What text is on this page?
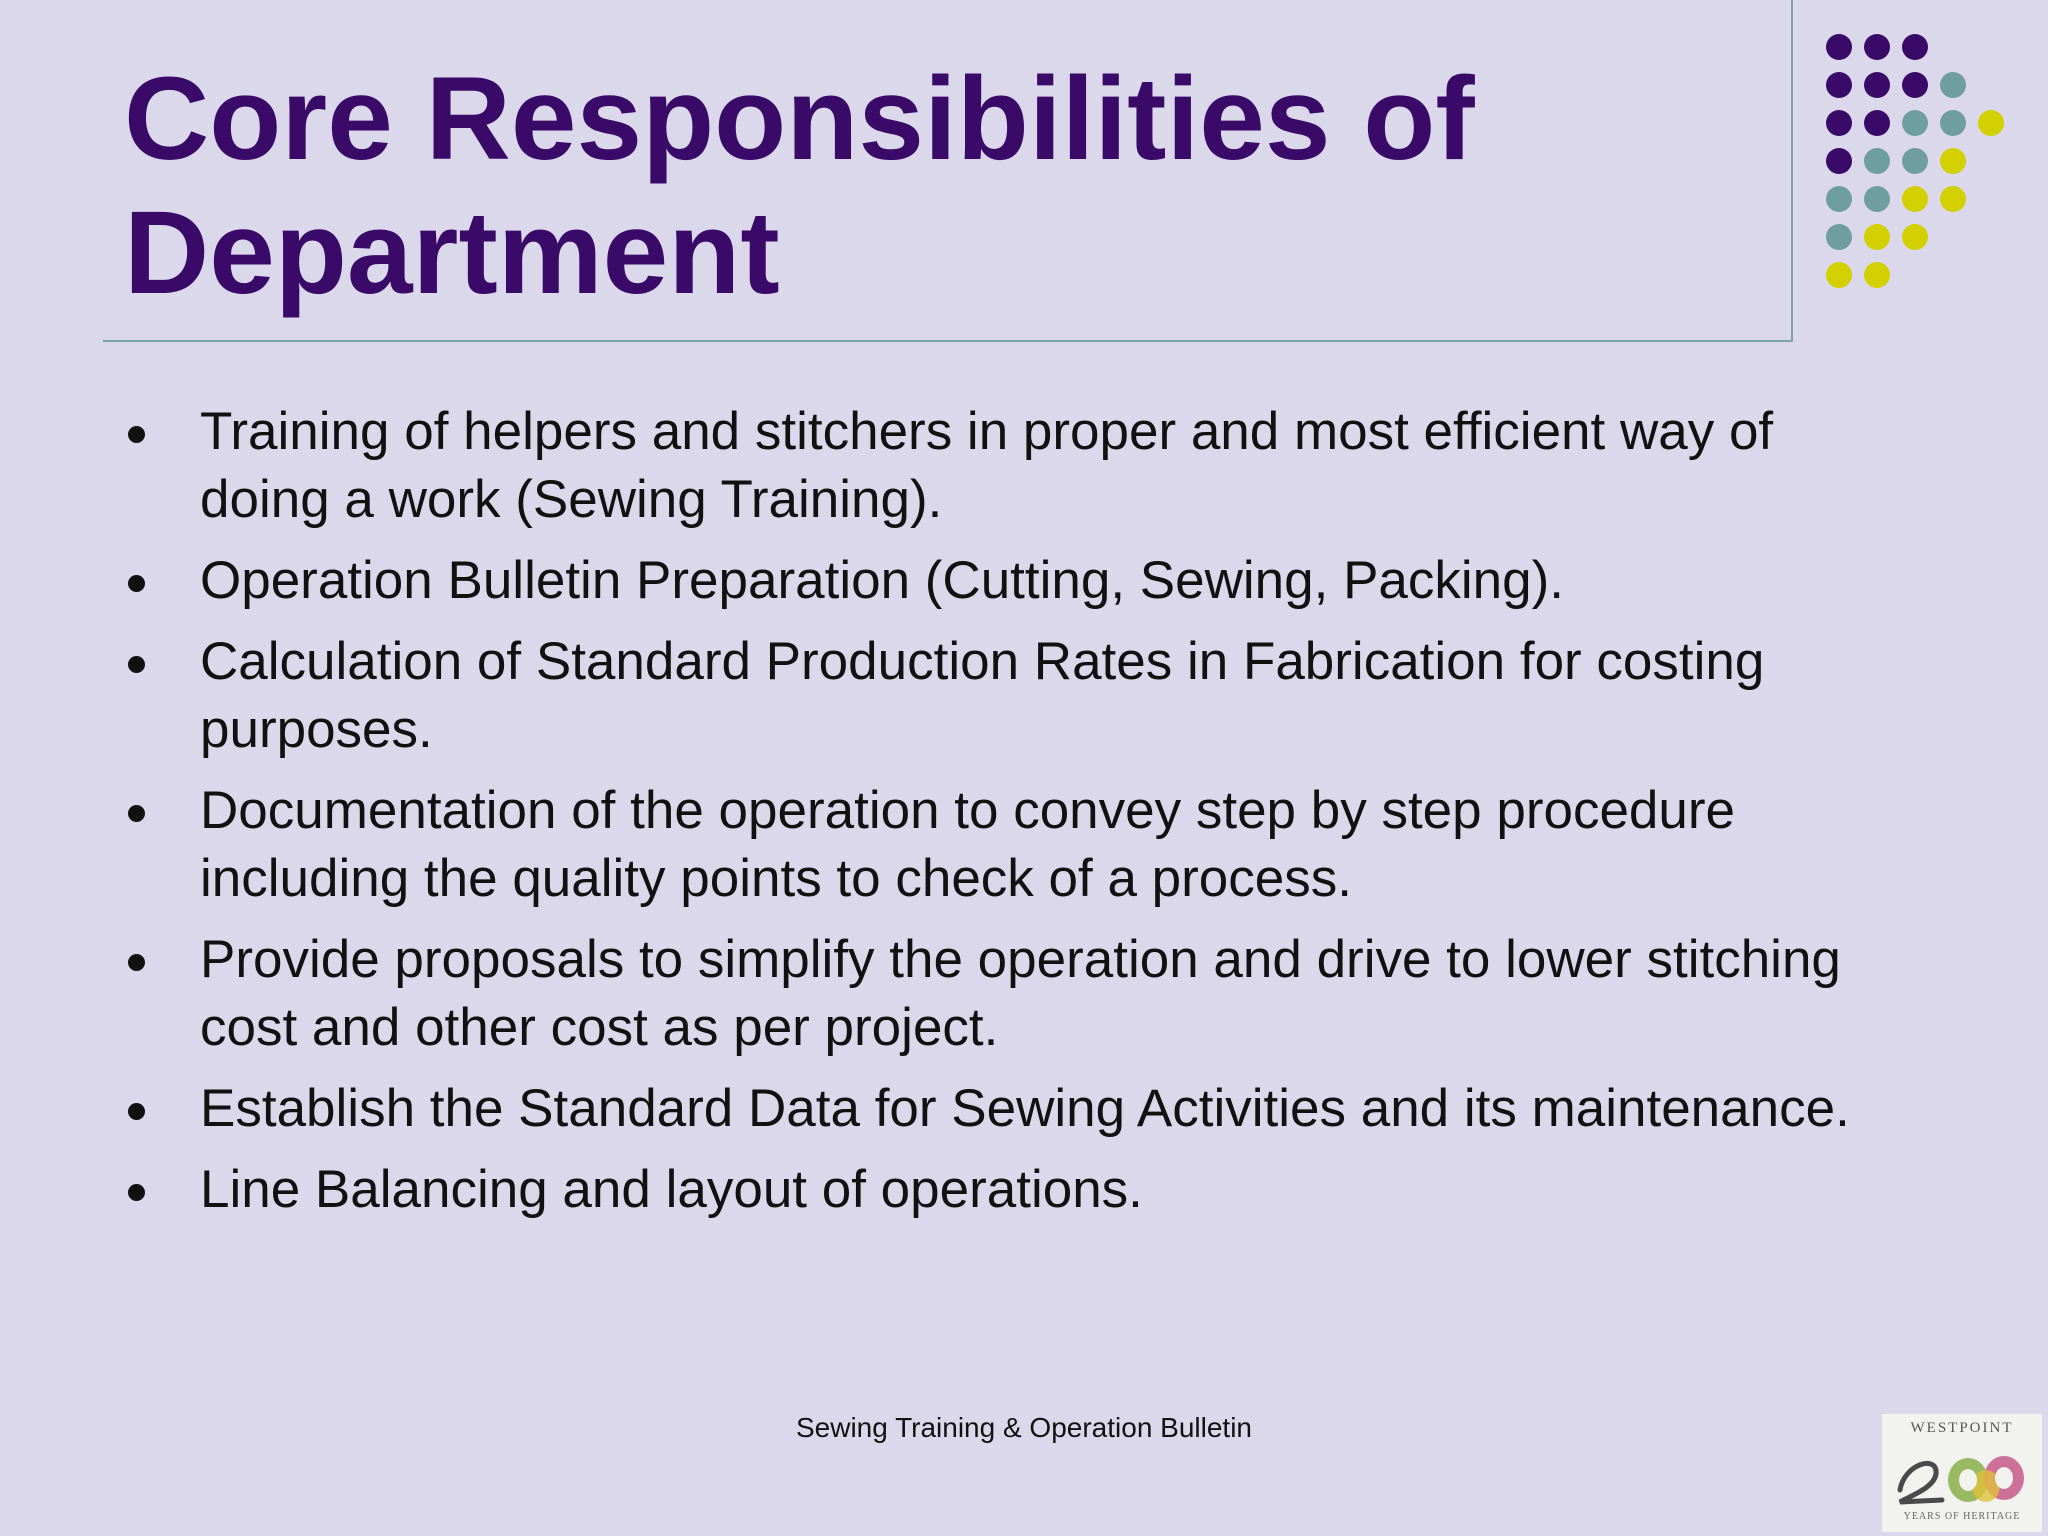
Core Responsibilities of Department
Training of helpers and stitchers in proper and most efficient way of doing a work (Sewing Training).
Operation Bulletin Preparation (Cutting, Sewing, Packing).
Calculation of Standard Production Rates in Fabrication for costing purposes.
Documentation of the operation to convey step by step procedure including the quality points to check of a process.
Provide proposals to simplify the operation and drive to lower stitching cost and other cost as per project.
Establish the Standard Data for Sewing Activities and its maintenance.
Line Balancing and layout of operations.
Sewing Training & Operation Bulletin	WESTPOINT
YEARS OF HERITAGE
